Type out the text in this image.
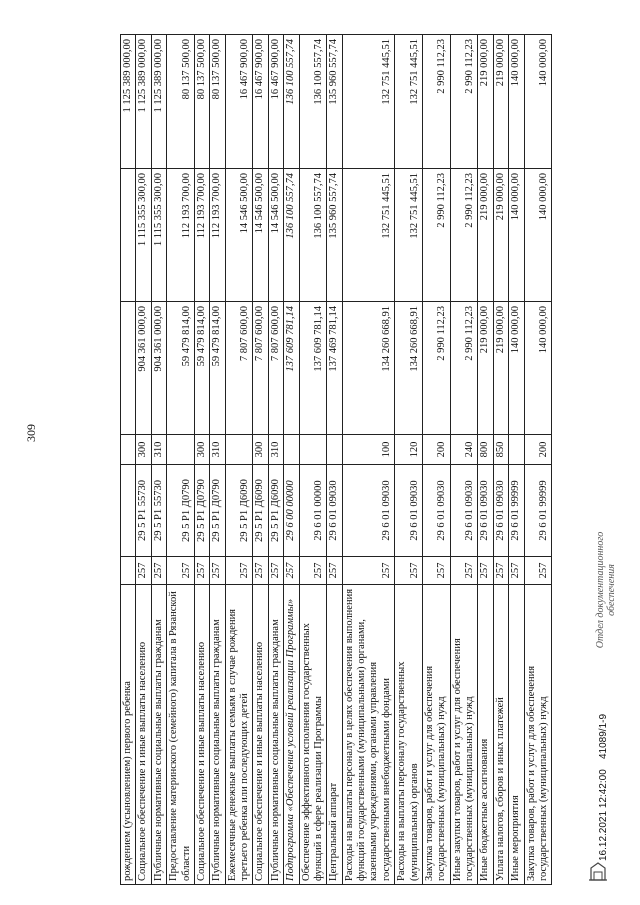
309
рождением (усыновлением) первого ребенка						1 125 389 000,00
Социальное обеспечение и иные выплаты населению	257	29 5 Р1 55730	300	904 361 000,00	1 115 355 300,00	1 125 389 000,00
Публичные нормативные социальные выплаты гражданам	257	29 5 Р1 55730	310	904 361 000,00	1 115 355 300,00	1 125 389 000,00
Предоставление материнского (семейного) капитала в Рязанской области	257	29 5 Р1 Д0790		59 479 814,00	112 193 700,00	80 137 500,00
Социальное обеспечение и иные выплаты населению	257	29 5 Р1 Д0790	300	59 479 814,00	112 193 700,00	80 137 500,00
Публичные нормативные социальные выплаты гражданам	257	29 5 Р1 Д0790	310	59 479 814,00	112 193 700,00	80 137 500,00
Ежемесячные денежные выплаты семьям в случае рождения третьего ребенка или последующих детей	257	29 5 Р1 Д6090		7 807 600,00	14 546 500,00	16 467 900,00
Социальное обеспечение и иные выплаты населению	257	29 5 Р1 Д6090	300	7 807 600,00	14 546 500,00	16 467 900,00
Публичные нормативные социальные выплаты гражданам	257	29 5 Р1 Д6090	310	7 807 600,00	14 546 500,00	16 467 900,00
Подпрограмма «Обеспечение условий реализации Программы»	257	29 6 00 00000		137 609 781,14	136 100 557,74	136 100 557,74
Обеспечение эффективного исполнения государственных функций в сфере реализации Программы	257	29 6 01 00000		137 609 781,14	136 100 557,74	136 100 557,74
Центральный аппарат	257	29 6 01 09030		137 469 781,14	135 960 557,74	135 960 557,74
Расходы на выплаты персоналу в целях обеспечения выполнения функций государственными (муниципальными) органами, казенными учреждениями, органами управления государственными внебюджетными фондами	257	29 6 01 09030	100	134 260 668,91	132 751 445,51	132 751 445,51
Расходы на выплаты персоналу государственных (муниципальных) органов	257	29 6 01 09030	120	134 260 668,91	132 751 445,51	132 751 445,51
Закупка товаров, работ и услуг для обеспечения государственных (муниципальных) нужд	257	29 6 01 09030	200	2 990 112,23	2 990 112,23	2 990 112,23
Иные закупки товаров, работ и услуг для обеспечения государственных (муниципальных) нужд	257	29 6 01 09030	240	2 990 112,23	2 990 112,23	2 990 112,23
Иные бюджетные ассигнования	257	29 6 01 09030	800	219 000,00	219 000,00	219 000,00
Уплата налогов, сборов и иных платежей	257	29 6 01 09030	850	219 000,00	219 000,00	219 000,00
Иные мероприятия	257	29 6 01 99999		140 000,00	140 000,00	140 000,00
Закупка товаров, работ и услуг для обеспечения государственных (муниципальных) нужд	257	29 6 01 99999	200	140 000,00	140 000,00	140 000,00
16.12.2021 12:42:00
41089/1-9
Отдел документационного обеспечения
